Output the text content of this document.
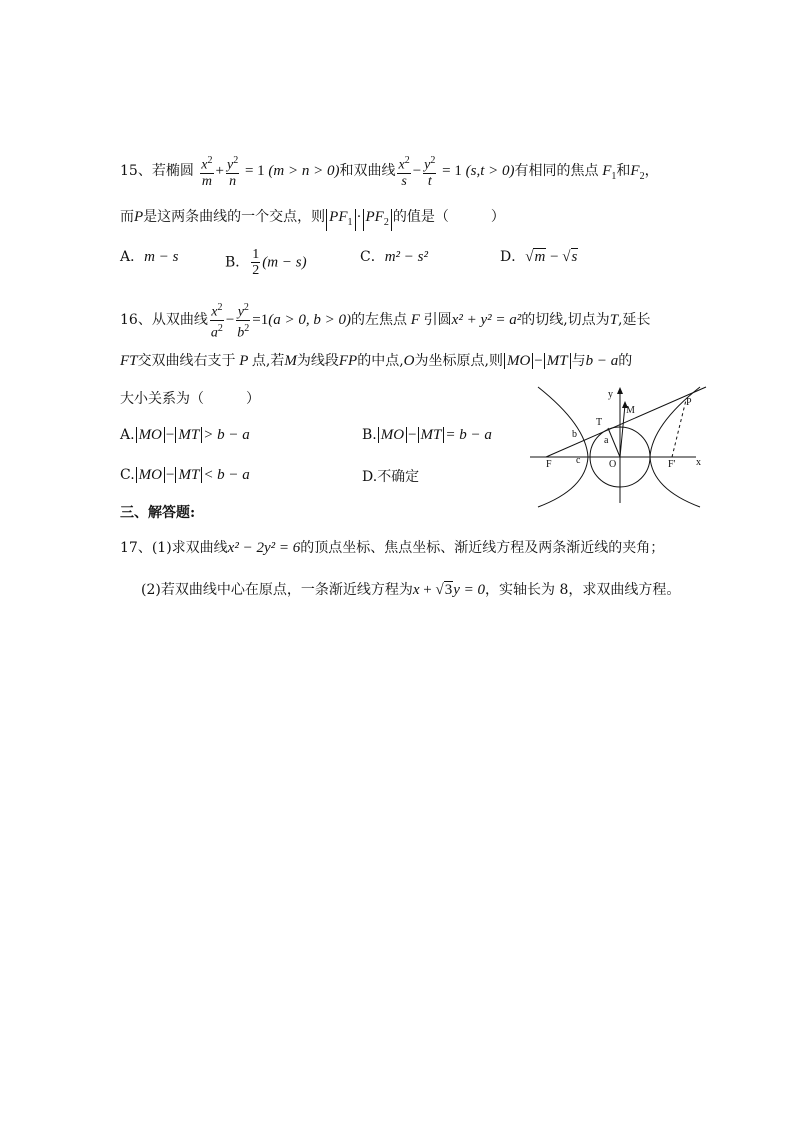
15、若椭圆 $\frac{x^2}{m} + \frac{y^2}{n} = 1$ (m > n > 0)和双曲线 $\frac{x^2}{s} - \frac{y^2}{t} = 1$ (s,t > 0)有相同的焦点 $F_1$和$F_2$，
而P是这两条曲线的一个交点，则 $PF_1 \cdot PF_2$ 的值是（　　　）
A．m − s	B． $\frac{1}{2} (m - s)$	C．m² − s²	D．√m − √s
16、从双曲线 $\frac{x^2}{a^2} - \frac{y^2}{b^2} =1(a > 0$, b > 0)的左焦点 F 引圆x² + y² = a²的切线,切点为T,延长
FT交双曲线右支于 P 点,若M为线段FP的中点,O为坐标原点,则 MO − MT 与b − a的
大小关系为（　　　）
A. MO − MT > b − a	B. MO − MT = b − a
C. MO − MT < b − a	D.不确定
y
x
P
M
T
b
a
F c	O	F'
三、解答题:
17、(1)求双曲线x² − 2y² = 6的顶点坐标、焦点坐标、渐近线方程及两条渐近线的夹角；
(2)若双曲线中心在原点，一条渐近线方程为x + √3y = 0，实轴长为 8，求双曲线方程。
